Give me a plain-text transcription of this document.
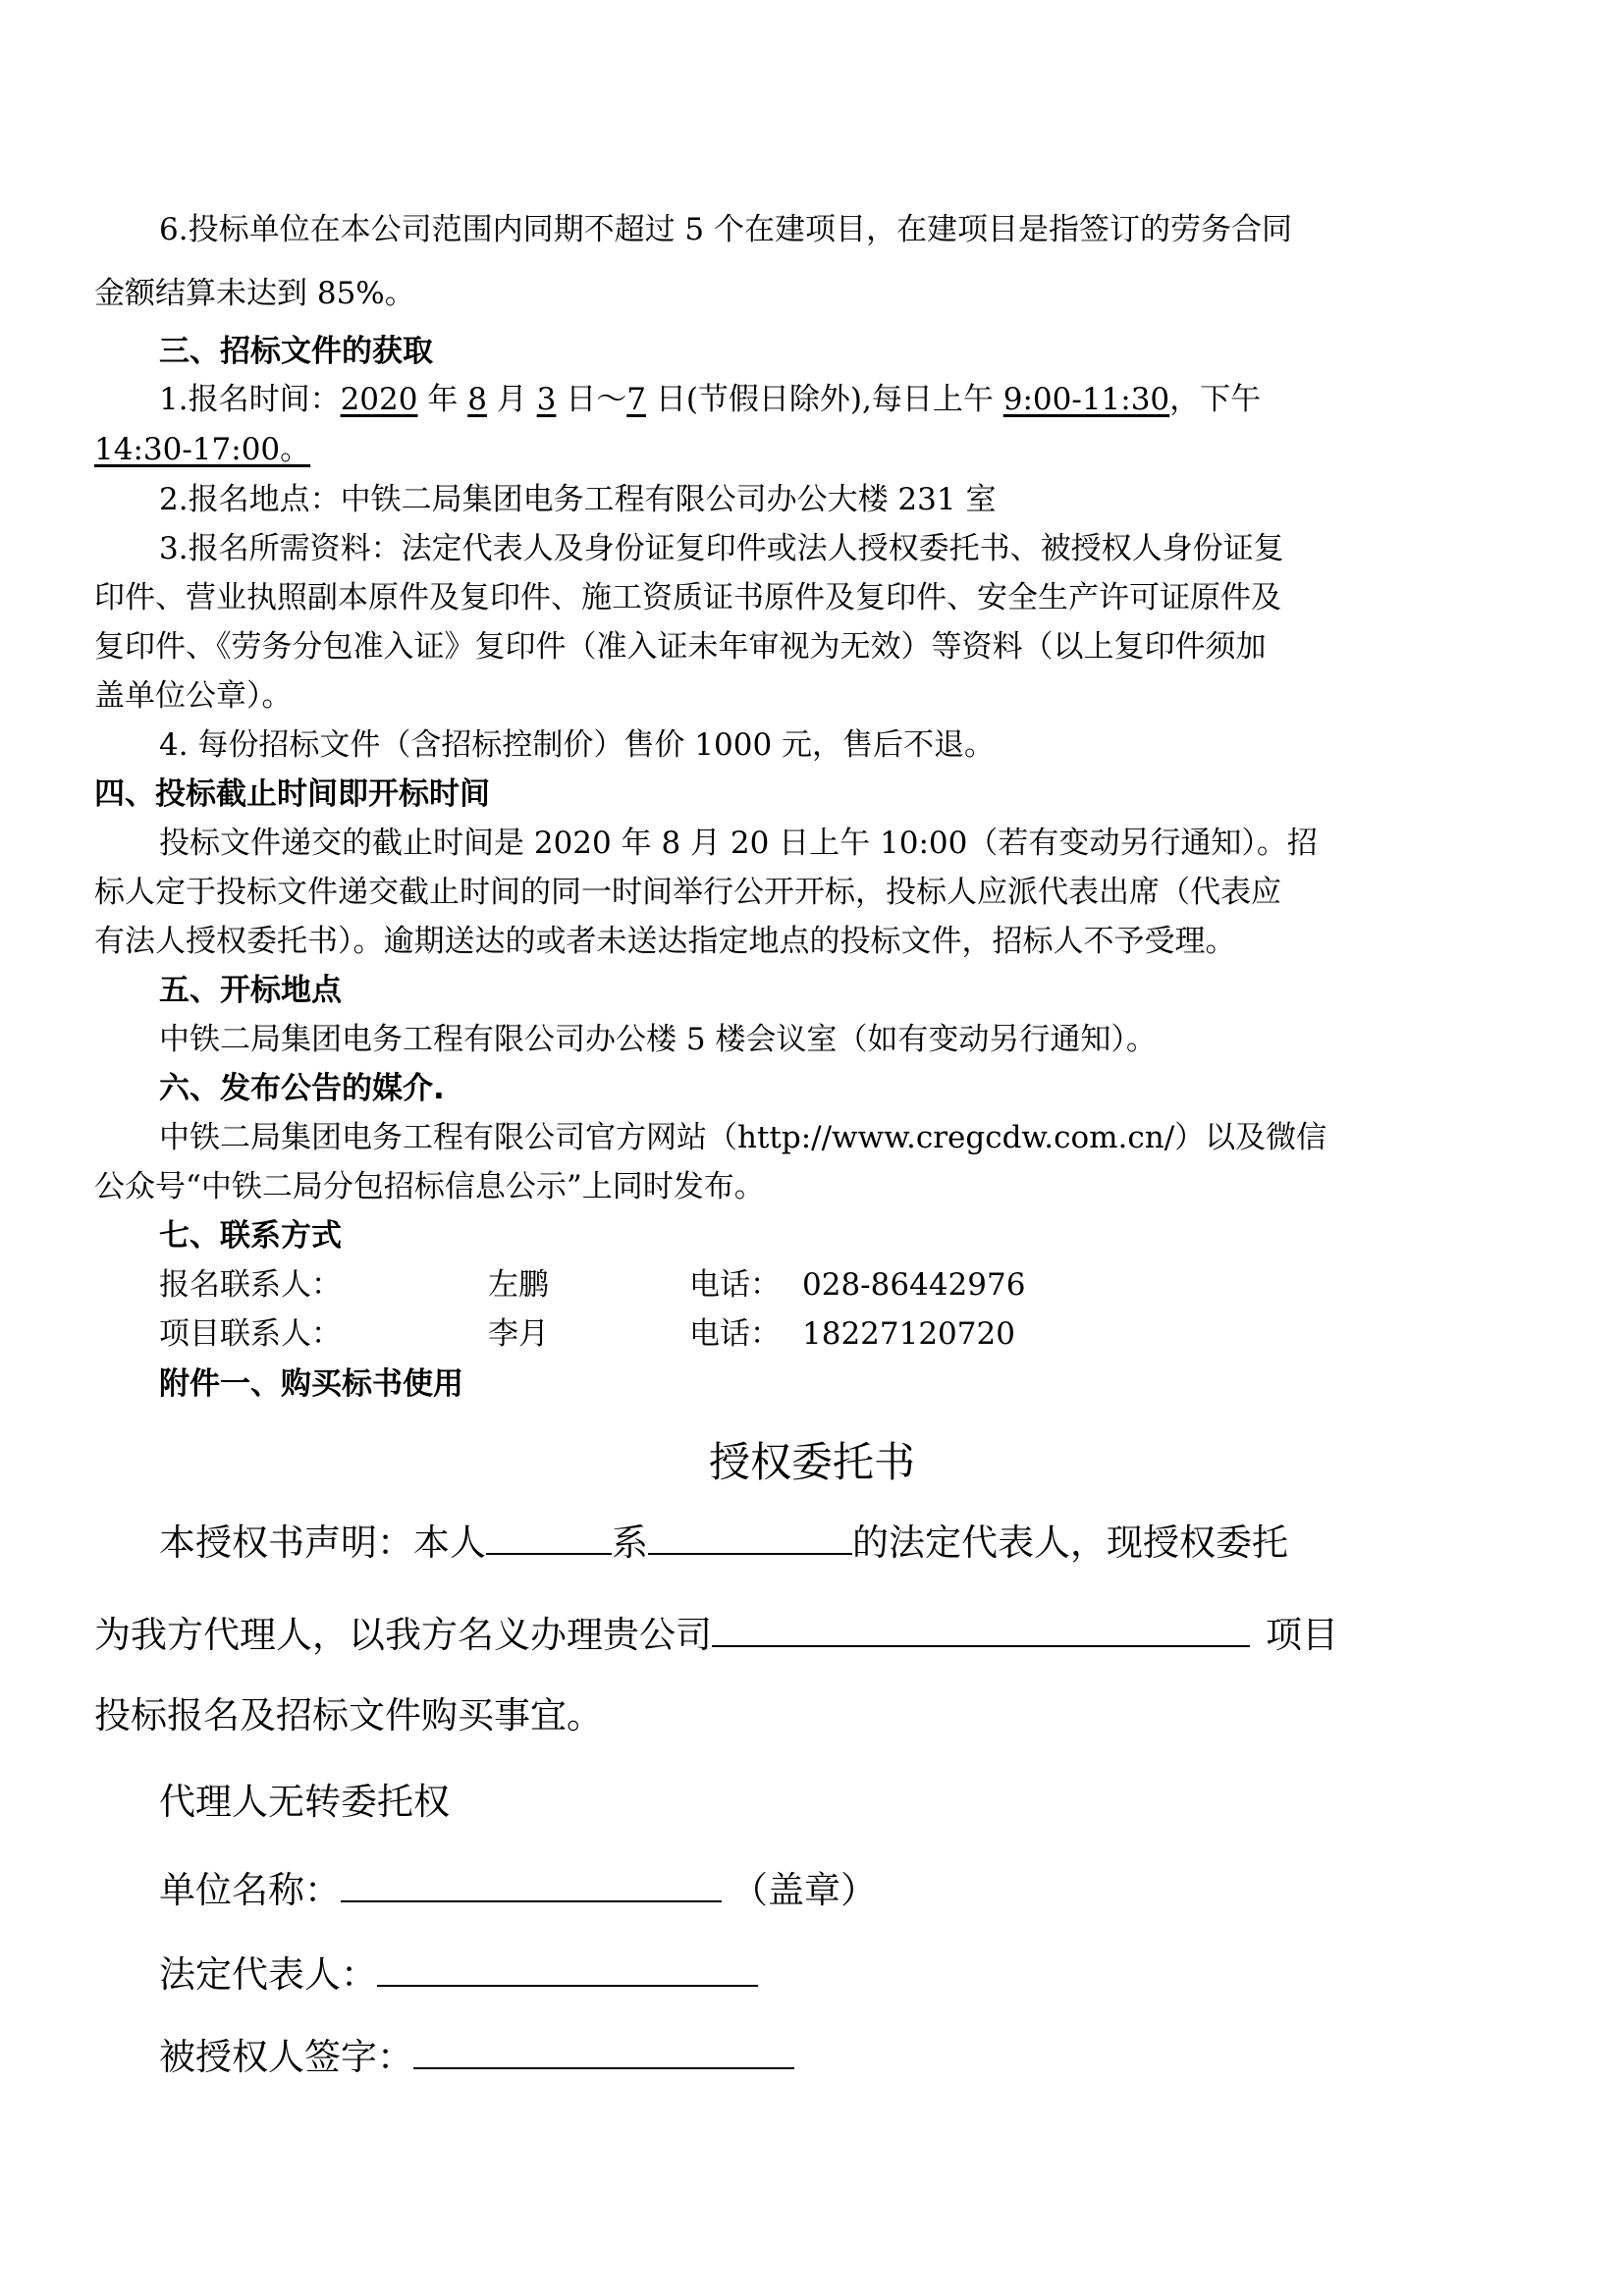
6.投标单位在本公司范围内同期不超过 5 个在建项目，在建项目是指签订的劳务合同
金额结算未达到 85%。
三、招标文件的获取
1.报名时间：2020 年 8 月 3 日～7 日(节假日除外),每日上午 9:00-11:30，下午
14:30-17:00。
2.报名地点：中铁二局集团电务工程有限公司办公大楼 231 室
3.报名所需资料：法定代表人及身份证复印件或法人授权委托书、被授权人身份证复
印件、营业执照副本原件及复印件、施工资质证书原件及复印件、安全生产许可证原件及
复印件、《劳务分包准入证》复印件（准入证未年审视为无效）等资料（以上复印件须加
盖单位公章）。
4. 每份招标文件（含招标控制价）售价 1000 元，售后不退。
四、投标截止时间即开标时间
投标文件递交的截止时间是 2020 年 8 月 20 日上午 10:00（若有变动另行通知）。招
标人定于投标文件递交截止时间的同一时间举行公开开标，投标人应派代表出席（代表应
有法人授权委托书）。逾期送达的或者未送达指定地点的投标文件，招标人不予受理。
五、开标地点
中铁二局集团电务工程有限公司办公楼 5 楼会议室（如有变动另行通知）。
六、发布公告的媒介.
中铁二局集团电务工程有限公司官方网站（http://www.cregcdw.com.cn/）以及微信
公众号“中铁二局分包招标信息公示”上同时发布。
七、联系方式
报名联系人：	左鹏	电话： 028-86442976
项目联系人：	李月	电话： 18227120720
附件一、购买标书使用
授权委托书
本授权书声明：本人	系	的法定代表人，现授权委托
为我方代理人，以我方名义办理贵公司	项目
投标报名及招标文件购买事宜。
代理人无转委托权
单位名称：	（盖章）
法定代表人：
被授权人签字：
